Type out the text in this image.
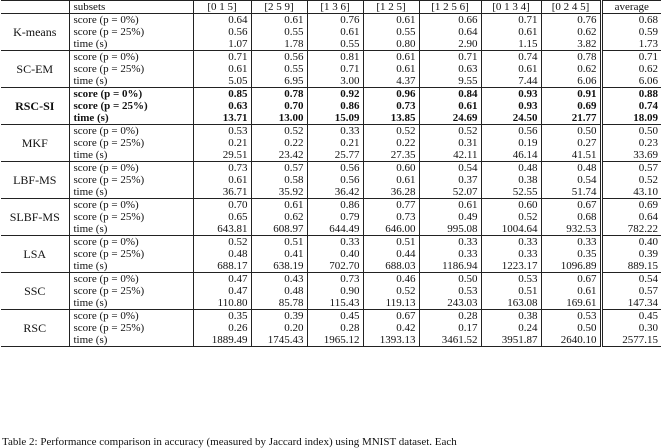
	subsets	[0 1 5]	[2 5 9]	[1 3 6]	[1 2 5]	[1 2 5 6]	[0 1 3 4]	[0 2 4 5]	average
K-means	score (p = 0%)	0.64	0.61	0.76	0.61	0.66	0.71	0.76	0.68
	score (p = 25%)	0.56	0.55	0.61	0.55	0.64	0.61	0.62	0.59
	time (s)	1.07	1.78	0.55	0.80	2.90	1.15	3.82	1.73
SC-EM	score (p = 0%)	0.71	0.56	0.81	0.61	0.71	0.74	0.78	0.71
	score (p = 25%)	0.61	0.55	0.71	0.61	0.63	0.61	0.62	0.62
	time (s)	5.05	6.95	3.00	4.37	9.55	7.44	6.06	6.06
RSC-SI	score (p = 0%)	0.85	0.78	0.92	0.96	0.84	0.93	0.91	0.88
	score (p = 25%)	0.63	0.70	0.86	0.73	0.61	0.93	0.69	0.74
	time (s)	13.71	13.00	15.09	13.85	24.69	24.50	21.77	18.09
MKF	score (p = 0%)	0.53	0.52	0.33	0.52	0.52	0.56	0.50	0.50
	score (p = 25%)	0.21	0.22	0.21	0.22	0.31	0.19	0.27	0.23
	time (s)	29.51	23.42	25.77	27.35	42.11	46.14	41.51	33.69
LBF-MS	score (p = 0%)	0.73	0.57	0.56	0.60	0.54	0.48	0.48	0.57
	score (p = 25%)	0.61	0.58	0.56	0.61	0.37	0.38	0.54	0.52
	time (s)	36.71	35.92	36.42	36.28	52.07	52.55	51.74	43.10
SLBF-MS	score (p = 0%)	0.70	0.61	0.86	0.77	0.61	0.60	0.67	0.69
	score (p = 25%)	0.65	0.62	0.79	0.73	0.49	0.52	0.68	0.64
	time (s)	643.81	608.97	644.49	646.00	995.08	1004.64	932.53	782.22
LSA	score (p = 0%)	0.52	0.51	0.33	0.51	0.33	0.33	0.33	0.40
	score (p = 25%)	0.48	0.41	0.40	0.44	0.33	0.33	0.35	0.39
	time (s)	688.17	638.19	702.70	688.03	1186.94	1223.17	1096.89	889.15
SSC	score (p = 0%)	0.47	0.43	0.73	0.46	0.50	0.53	0.67	0.54
	score (p = 25%)	0.47	0.48	0.90	0.52	0.53	0.51	0.61	0.57
	time (s)	110.80	85.78	115.43	119.13	243.03	163.08	169.61	147.34
RSC	score (p = 0%)	0.35	0.39	0.45	0.67	0.28	0.38	0.53	0.45
	score (p = 25%)	0.26	0.20	0.28	0.42	0.17	0.24	0.50	0.30
	time (s)	1889.49	1745.43	1965.12	1393.13	3461.52	3951.87	2640.10	2577.15
Table 2: Performance comparison in accuracy (measured by Jaccard index) using MNIST dataset. Each
